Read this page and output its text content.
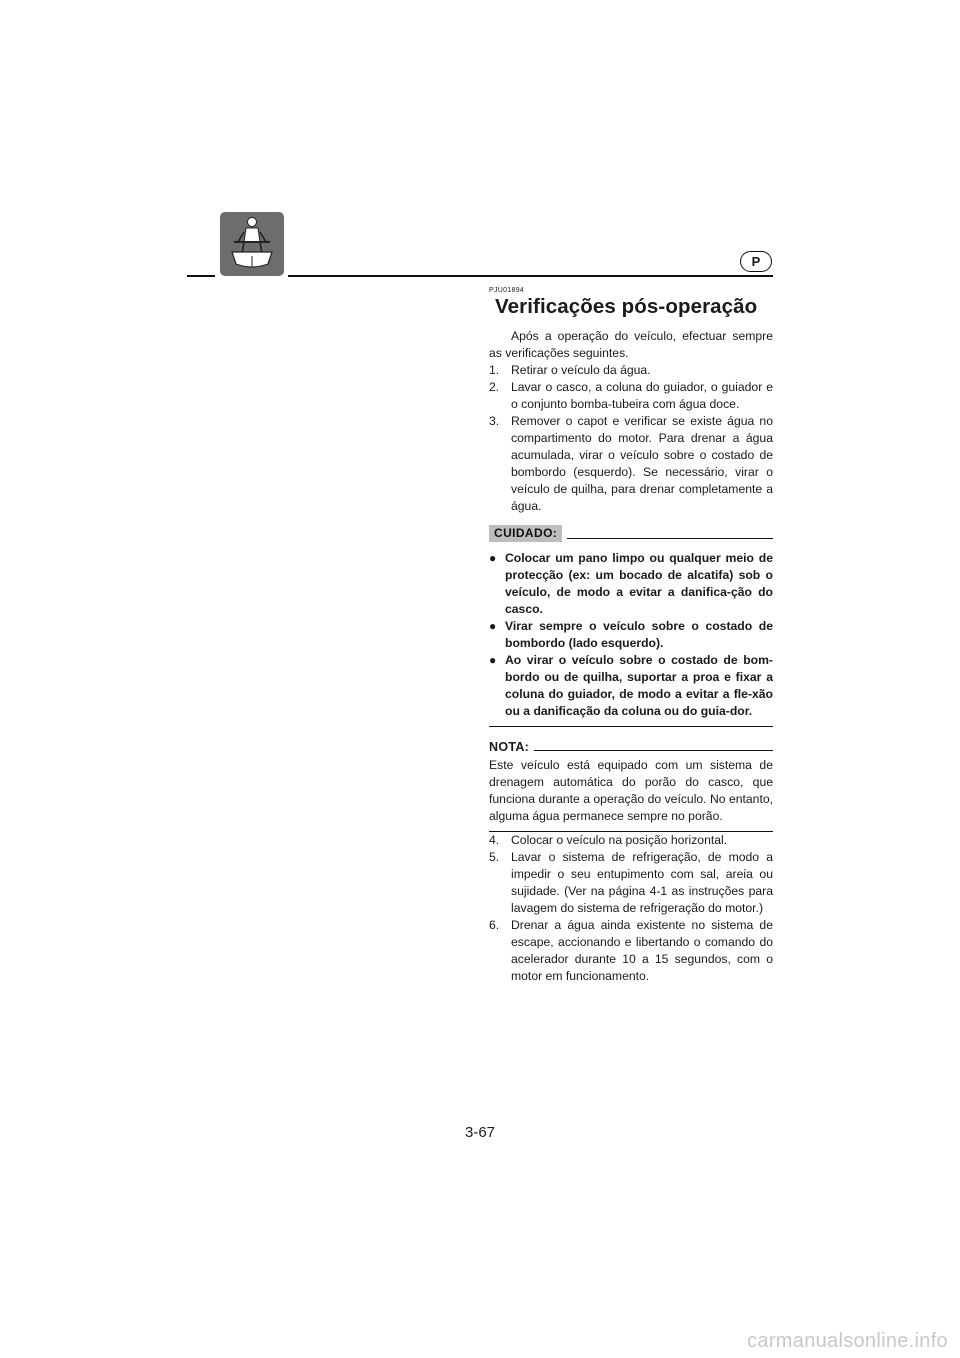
P
PJU01894
Verificações pós-operação

Após a operação do veículo, efectuar sempre as verificações seguintes.

1. Retirar o veículo da água.
2. Lavar o casco, a coluna do guiador, o guiador e o conjunto bomba-tubeira com água doce.
3. Remover o capot e verificar se existe água no compartimento do motor. Para drenar a água acumulada, virar o veículo sobre o costado de bombordo (esquerdo). Se necessário, virar o veículo de quilha, para drenar completamente a água.
CUIDADO:
● Colocar um pano limpo ou qualquer meio de protecção (ex: um bocado de alcatifa) sob o veículo, de modo a evitar a danifica-ção do casco.
● Virar sempre o veículo sobre o costado de bombordo (lado esquerdo).
● Ao virar o veículo sobre o costado de bom-bordo ou de quilha, suportar a proa e fixar a coluna do guiador, de modo a evitar a fle-xão ou a danificação da coluna ou do guia-dor.
NOTA:

Este veículo está equipado com um sistema de drenagem automática do porão do casco, que funciona durante a operação do veículo. No entanto, alguma água permanece sempre no porão.

4. Colocar o veículo na posição horizontal.
5. Lavar o sistema de refrigeração, de modo a impedir o seu entupimento com sal, areia ou sujidade. (Ver na página 4-1 as instruções para lavagem do sistema de refrigeração do motor.)
6. Drenar a água ainda existente no sistema de escape, accionando e libertando o comando do acelerador durante 10 a 15 segundos, com o motor em funcionamento.
3-67
carmanualsonline.info
